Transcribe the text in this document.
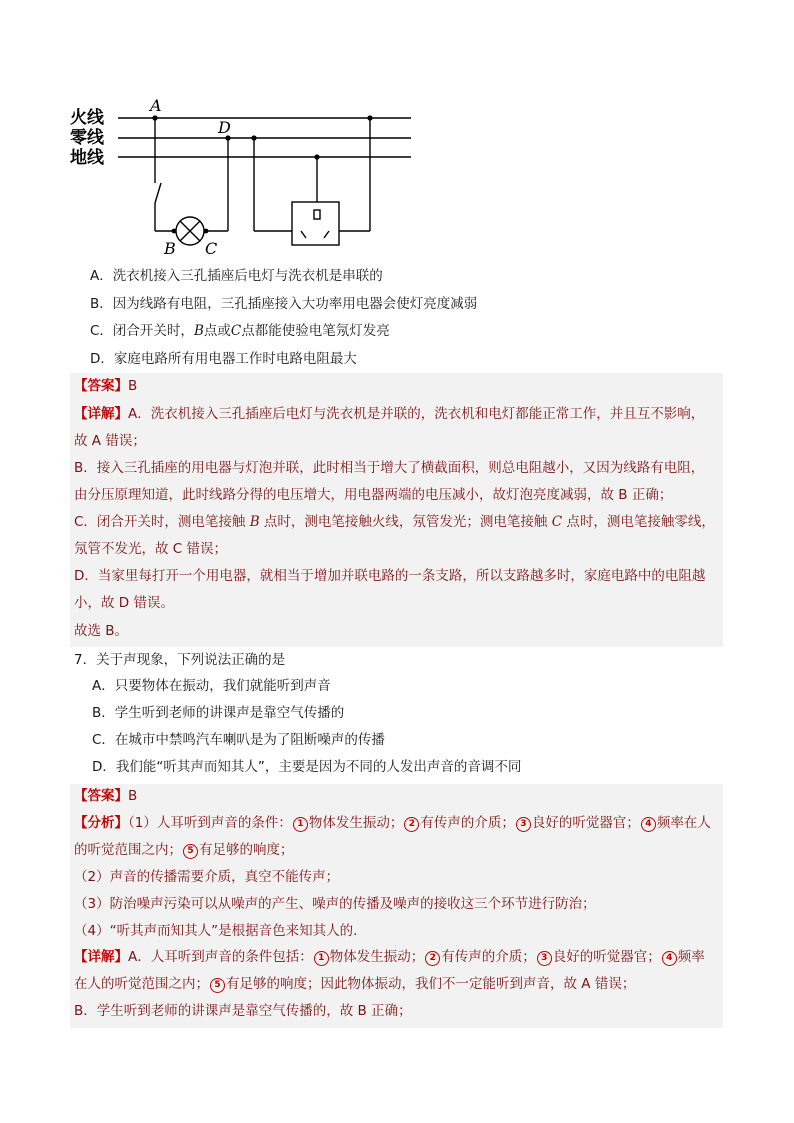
火线
零线
地线
A
D
B C
A．洗衣机接入三孔插座后电灯与洗衣机是串联的
B．因为线路有电阻，三孔插座接入大功率用电器会使灯亮度减弱
C．闭合开关时，B点或C点都能使验电笔氖灯发亮
D．家庭电路所有用电器工作时电路电阻最大
【答案】B
【详解】A．洗衣机接入三孔插座后电灯与洗衣机是并联的，洗衣机和电灯都能正常工作，并且互不影响，
故 A 错误；
B．接入三孔插座的用电器与灯泡并联，此时相当于增大了横截面积，则总电阻越小，又因为线路有电阻，
由分压原理知道，此时线路分得的电压增大，用电器两端的电压减小，故灯泡亮度减弱，故 B 正确；
C．闭合开关时，测电笔接触 B 点时，测电笔接触火线，氖管发光；测电笔接触 C 点时，测电笔接触零线，
氖管不发光，故 C 错误；
D．当家里每打开一个用电器，就相当于增加并联电路的一条支路，所以支路越多时，家庭电路中的电阻越
小，故 D 错误。
故选 B。
7．关于声现象，下列说法正确的是
A．只要物体在振动，我们就能听到声音
B．学生听到老师的讲课声是靠空气传播的
C．在城市中禁鸣汽车喇叭是为了阻断噪声的传播
D．我们能“听其声而知其人”，主要是因为不同的人发出声音的音调不同
【答案】B
【分析】（1）人耳听到声音的条件： 1 物体发生振动； 2 有传声的介质； 3 良好的听觉器官； 4 频率在人
的听觉范围之内； 5 有足够的响度；
（2）声音的传播需要介质，真空不能传声；
（3）防治噪声污染可以从噪声的产生、噪声的传播及噪声的接收这三个环节进行防治；
（4）“听其声而知其人”是根据音色来知其人的.
【详解】A．人耳听到声音的条件包括： 1 物体发生振动； 2 有传声的介质； 3 良好的听觉器官； 4 频率
在人的听觉范围之内； 5 有足够的响度；因此物体振动，我们不一定能听到声音，故 A 错误；
B．学生听到老师的讲课声是靠空气传播的，故 B 正确；
